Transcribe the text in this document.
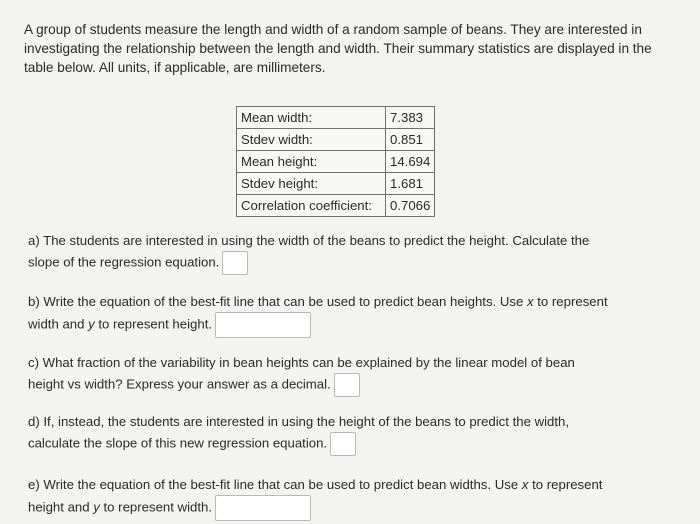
A group of students measure the length and width of a random sample of beans. They are interested in investigating the relationship between the length and width. Their summary statistics are displayed in the table below. All units, if applicable, are millimeters.
Mean width:	7.383
Stdev width:	0.851
Mean height:	14.694
Stdev height:	1.681
Correlation coefficient:	0.7066
a) The students are interested in using the width of the beans to predict the height. Calculate the
slope of the regression equation.
b) Write the equation of the best-fit line that can be used to predict bean heights. Use x to represent
width and y to represent height.
c) What fraction of the variability in bean heights can be explained by the linear model of bean
height vs width? Express your answer as a decimal.
d) If, instead, the students are interested in using the height of the beans to predict the width,
calculate the slope of this new regression equation.
e) Write the equation of the best-fit line that can be used to predict bean widths. Use x to represent
height and y to represent width.
